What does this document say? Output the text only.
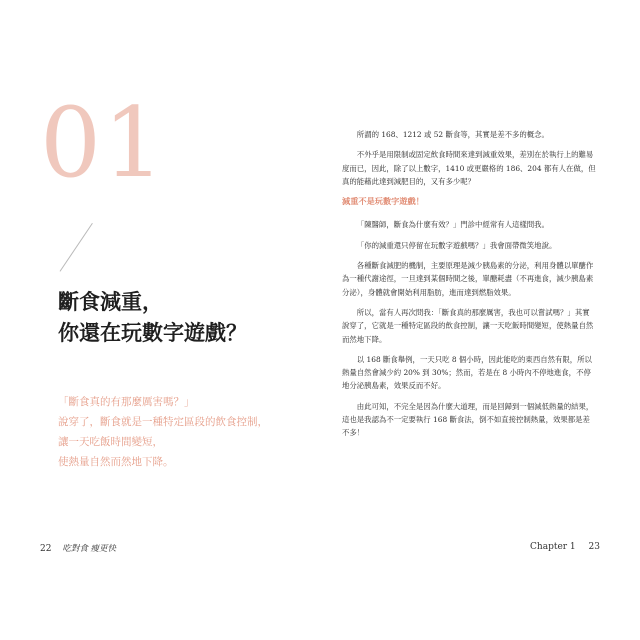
01
斷食減重，
你還在玩數字遊戲？
「斷食真的有那麼厲害嗎？」
說穿了，斷食就是一種特定區段的飲食控制，
讓一天吃飯時間變短，
使熱量自然而然地下降。
22 吃對食 瘦更快

所謂的 168、1212 或 52 斷食等，其實是差不多的概念。

不外乎是用限制或固定飲食時間來達到減重效果，差別在於執行上的難易度而已，因此，除了以上數字，1410 或更嚴格的 186、204 都有人在做，但真的能藉此達到減肥目的，又有多少呢？

減重不是玩數字遊戲！

「陳醫師，斷食為什麼有效？」門診中經常有人這樣問我。

「你的減重還只停留在玩數字遊戲嗎？」我會面帶微笑地說。

各種斷食減肥的機制，主要原理是減少胰島素的分泌，利用身體以單醣作為一種代謝途徑，一旦達到某個時間之後，單醣耗盡（不再進食，減少胰島素分泌），身體就會開始利用脂肪，進而達到燃脂效果。

所以，當有人再次問我：「斷食真的那麼厲害，我也可以嘗試嗎？」其實說穿了，它就是一種特定區段的飲食控制，讓一天吃飯時間變短，使熱量自然而然地下降。

以 168 斷食舉例，一天只吃 8 個小時，因此能吃的東西自然有限，所以熱量自然會減少約 20% 到 30%；然而，若是在 8 小時內不停地進食，不停地分泌胰島素，效果反而不好。

由此可知，不完全是因為什麼大道理，而是回歸到一個減低熱量的結果，這也是我認為不一定要執行 168 斷食法，倒不如直接控制熱量，效果都是差不多！

Chapter 1 23
